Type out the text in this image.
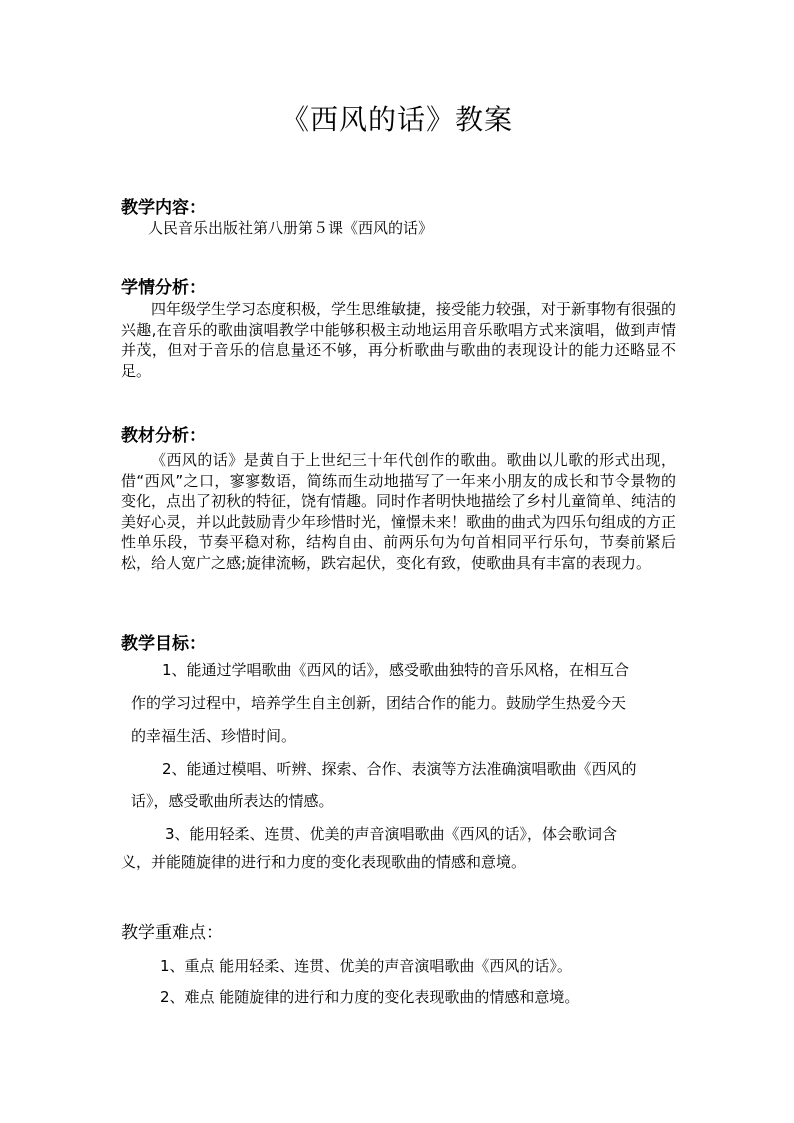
《西风的话》教案
教学内容：
人民音乐出版社第八册第５课《西风的话》
学情分析：
四年级学生学习态度积极，学生思维敏捷，接受能力较强，对于新事物有很强的兴趣,在音乐的歌曲演唱教学中能够积极主动地运用音乐歌唱方式来演唱，做到声情并茂，但对于音乐的信息量还不够，再分析歌曲与歌曲的表现设计的能力还略显不足。
教材分析：
《西风的话》是黄自于上世纪三十年代创作的歌曲。歌曲以儿歌的形式出现，借“西风”之口，寥寥数语，简练而生动地描写了一年来小朋友的成长和节令景物的变化，点出了初秋的特征，饶有情趣。同时作者明快地描绘了乡村儿童简单、纯洁的美好心灵，并以此鼓励青少年珍惜时光，憧憬未来！歌曲的曲式为四乐句组成的方正性单乐段，节奏平稳对称，结构自由、前两乐句为句首相同平行乐句，节奏前紧后松，给人宽广之感;旋律流畅，跌宕起伏，变化有致，使歌曲具有丰富的表现力。
教学目标：
1、能通过学唱歌曲《西风的话》，感受歌曲独特的音乐风格，在相互合
作的学习过程中，培养学生自主创新，团结合作的能力。鼓励学生热爱今天
的幸福生活、珍惜时间。
2、能通过模唱、听辨、探索、合作、表演等方法准确演唱歌曲《西风的
话》，感受歌曲所表达的情感。
3、能用轻柔、连贯、优美的声音演唱歌曲《西风的话》，体会歌词含
义，并能随旋律的进行和力度的变化表现歌曲的情感和意境。
教学重难点：
1、重点 能用轻柔、连贯、优美的声音演唱歌曲《西风的话》。
2、难点 能随旋律的进行和力度的变化表现歌曲的情感和意境。
